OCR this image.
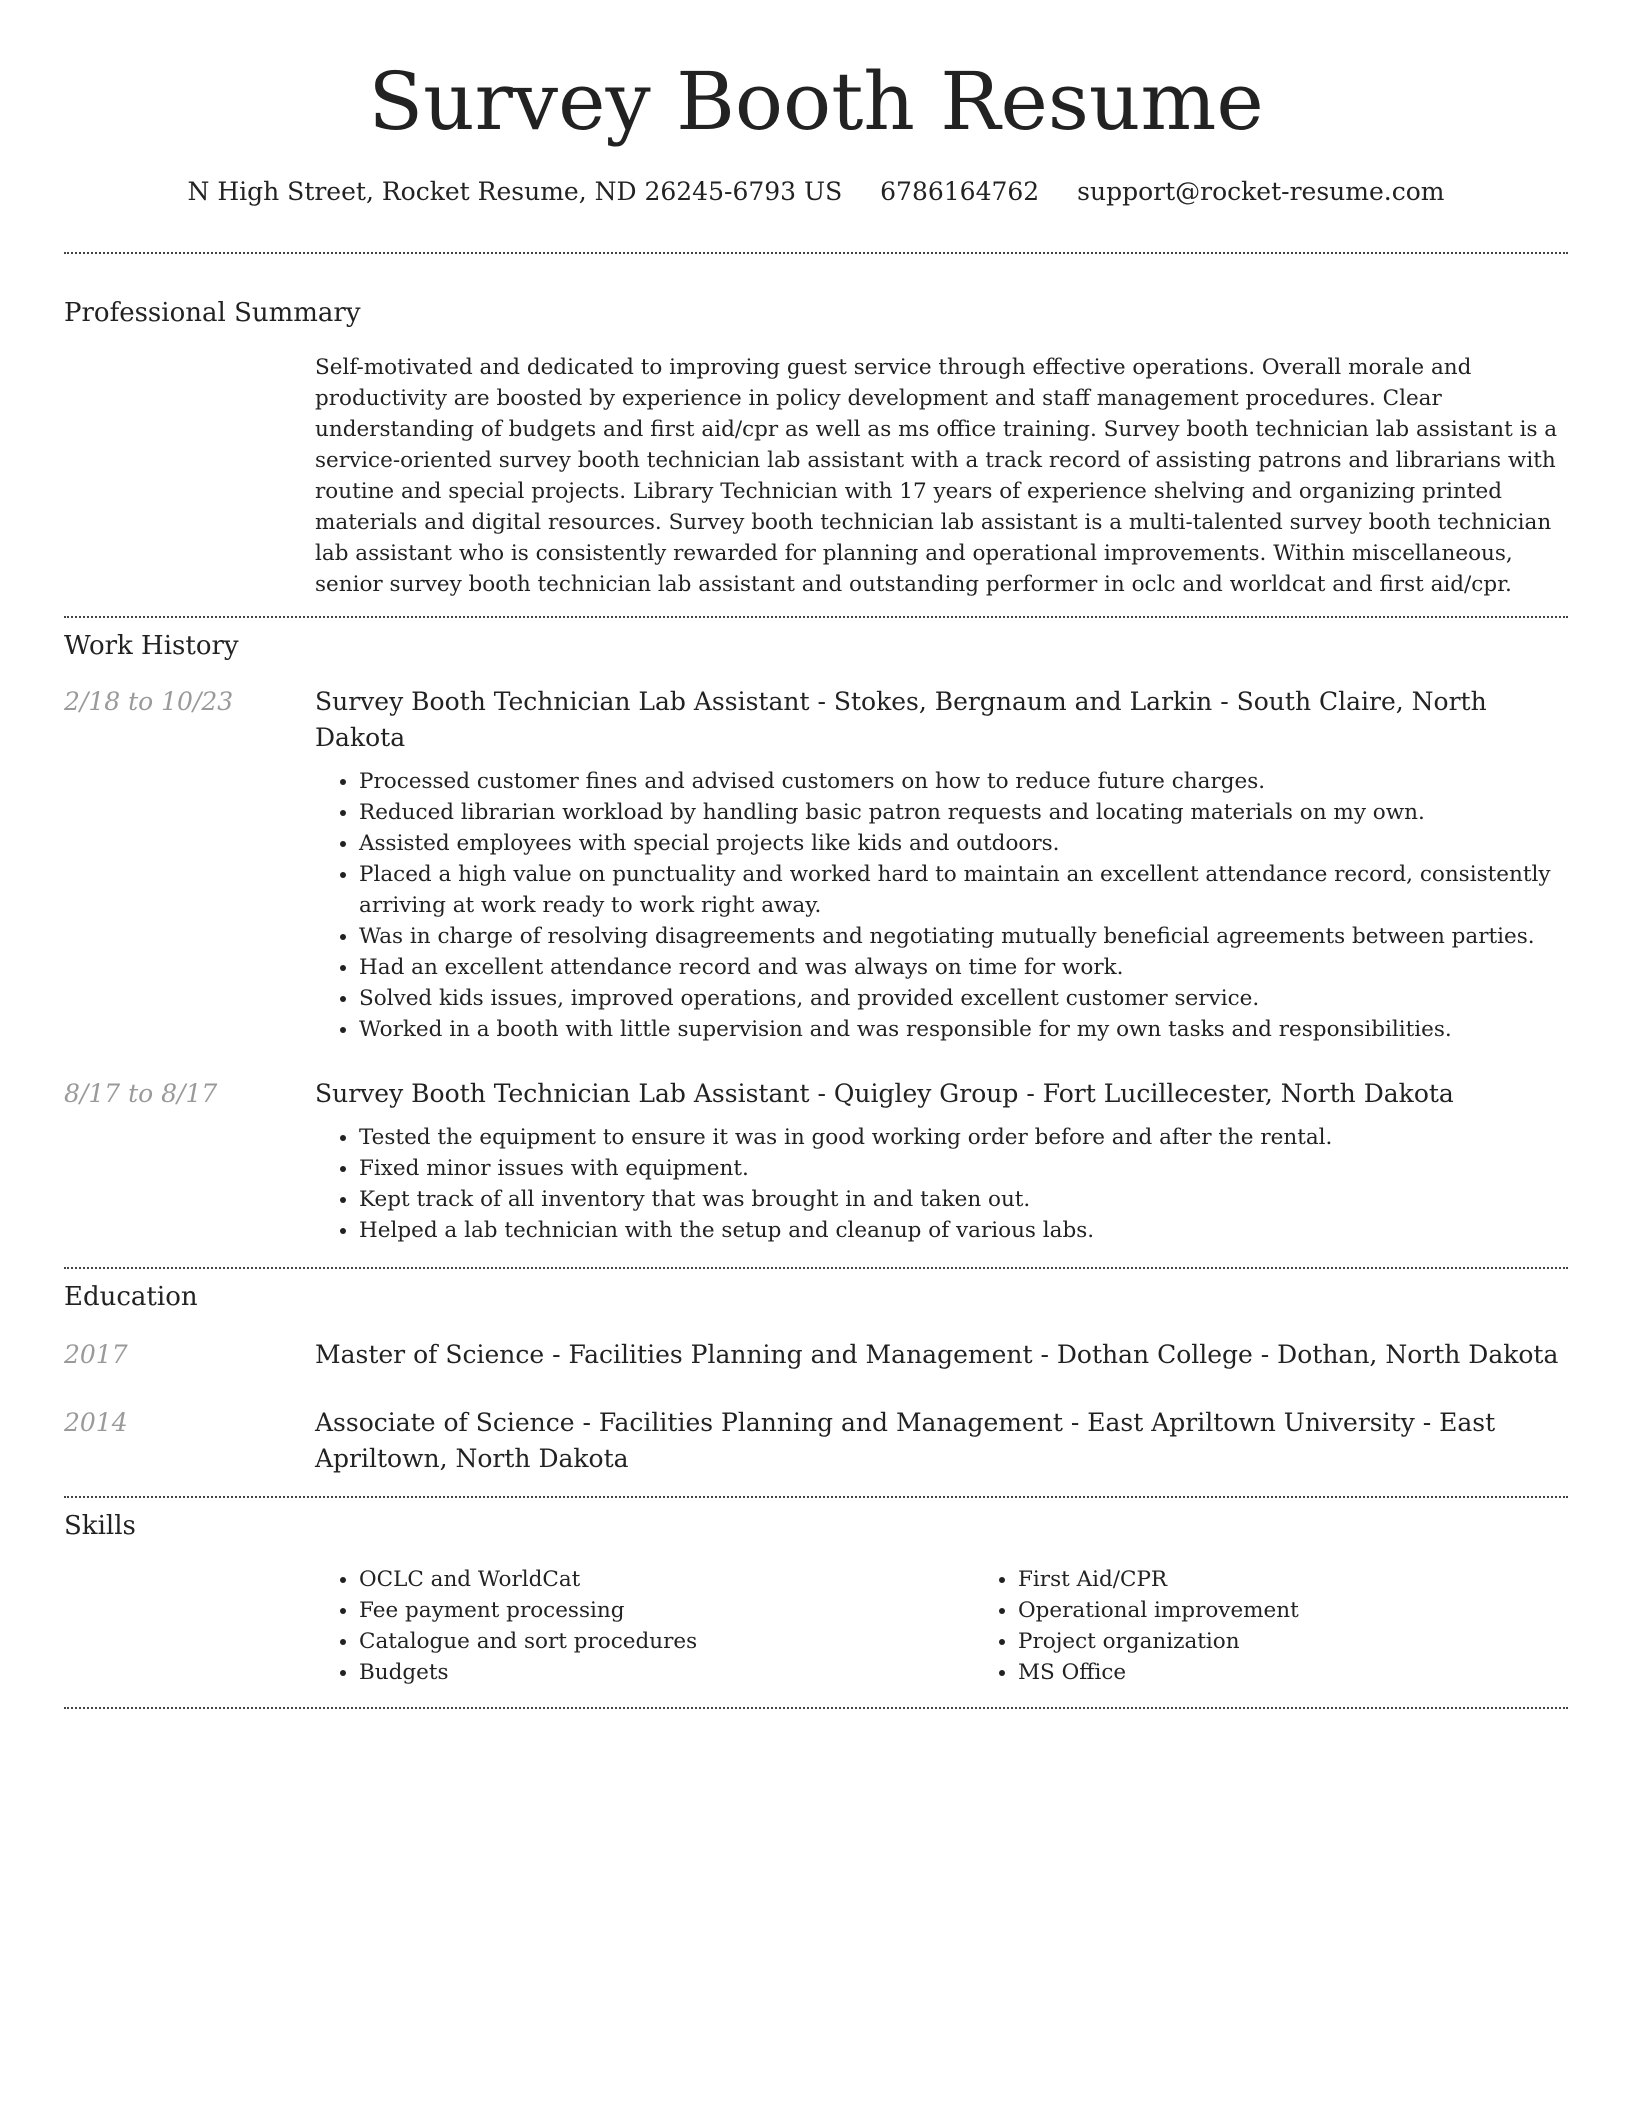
Survey Booth Resume
N High Street, Rocket Resume, ND 26245-6793 US 6786164762 support@rocket-resume.com
Professional Summary

Self-motivated and dedicated to improving guest service through effective operations. Overall morale and productivity are boosted by experience in policy development and staff management procedures. Clear understanding of budgets and first aid/cpr as well as ms office training. Survey booth technician lab assistant is a service-oriented survey booth technician lab assistant with a track record of assisting patrons and librarians with routine and special projects. Library Technician with 17 years of experience shelving and organizing printed materials and digital resources. Survey booth technician lab assistant is a multi-talented survey booth technician lab assistant who is consistently rewarded for planning and operational improvements. Within miscellaneous, senior survey booth technician lab assistant and outstanding performer in oclc and worldcat and first aid/cpr.

Work History
2/18 to 10/23	Survey Booth Technician Lab Assistant - Stokes, Bergnaum and Larkin - South Claire, North Dakota

• Processed customer fines and advised customers on how to reduce future charges.
• Reduced librarian workload by handling basic patron requests and locating materials on my own.
• Assisted employees with special projects like kids and outdoors.
• Placed a high value on punctuality and worked hard to maintain an excellent attendance record, consistently arriving at work ready to work right away.
• Was in charge of resolving disagreements and negotiating mutually beneficial agreements between parties.
• Had an excellent attendance record and was always on time for work.
• Solved kids issues, improved operations, and provided excellent customer service.
• Worked in a booth with little supervision and was responsible for my own tasks and responsibilities.
8/17 to 8/17	Survey Booth Technician Lab Assistant - Quigley Group - Fort Lucillecester, North Dakota

• Tested the equipment to ensure it was in good working order before and after the rental.
• Fixed minor issues with equipment.
• Kept track of all inventory that was brought in and taken out.
• Helped a lab technician with the setup and cleanup of various labs.
Education
2017	Master of Science - Facilities Planning and Management - Dothan College - Dothan, North Dakota

2014	Associate of Science - Facilities Planning and Management - East Apriltown University - East Apriltown, North Dakota

Skills
• OCLC and WorldCat
• Fee payment processing
• Catalogue and sort procedures
• Budgets
• First Aid/CPR
• Operational improvement
• Project organization
• MS Office
